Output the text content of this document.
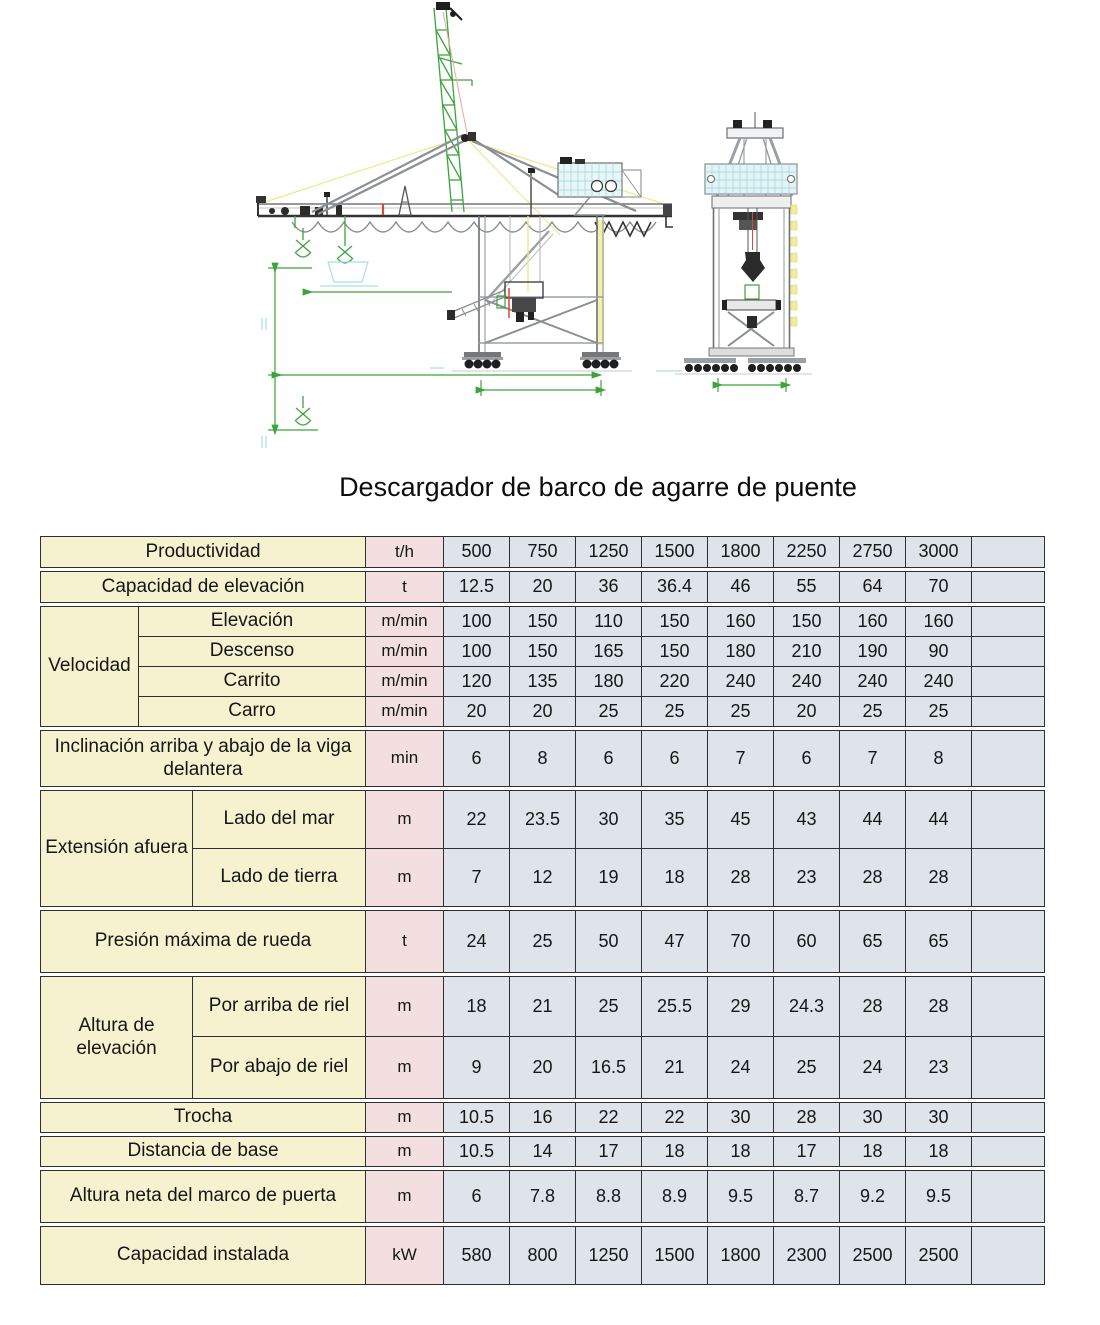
Descargador de barco de agarre de puente
Productividad	t/h	500	750	1250	1500	1800	2250	2750	3000	
Capacidad de elevación	t	12.5	20	36	36.4	46	55	64	70	
Velocidad	Elevación	m/min	100	150	110	150	160	150	160	160	
	Descenso	m/min	100	150	165	150	180	210	190	90	
	Carrito	m/min	120	135	180	220	240	240	240	240	
	Carro	m/min	20	20	25	25	25	20	25	25	
Inclinación arriba y abajo de la viga delantera	min	6	8	6	6	7	6	7	8	
Extensión afuera	Lado del mar	m	22	23.5	30	35	45	43	44	44	
	Lado de tierra	m	7	12	19	18	28	23	28	28	
Presión máxima de rueda	t	24	25	50	47	70	60	65	65	
Altura de elevación	Por arriba de riel	m	18	21	25	25.5	29	24.3	28	28	
	Por abajo de riel	m	9	20	16.5	21	24	25	24	23	
Trocha	m	10.5	16	22	22	30	28	30	30	
Distancia de base	m	10.5	14	17	18	18	17	18	18	
Altura neta del marco de puerta	m	6	7.8	8.8	8.9	9.5	8.7	9.2	9.5	
Capacidad instalada	kW	580	800	1250	1500	1800	2300	2500	2500	
